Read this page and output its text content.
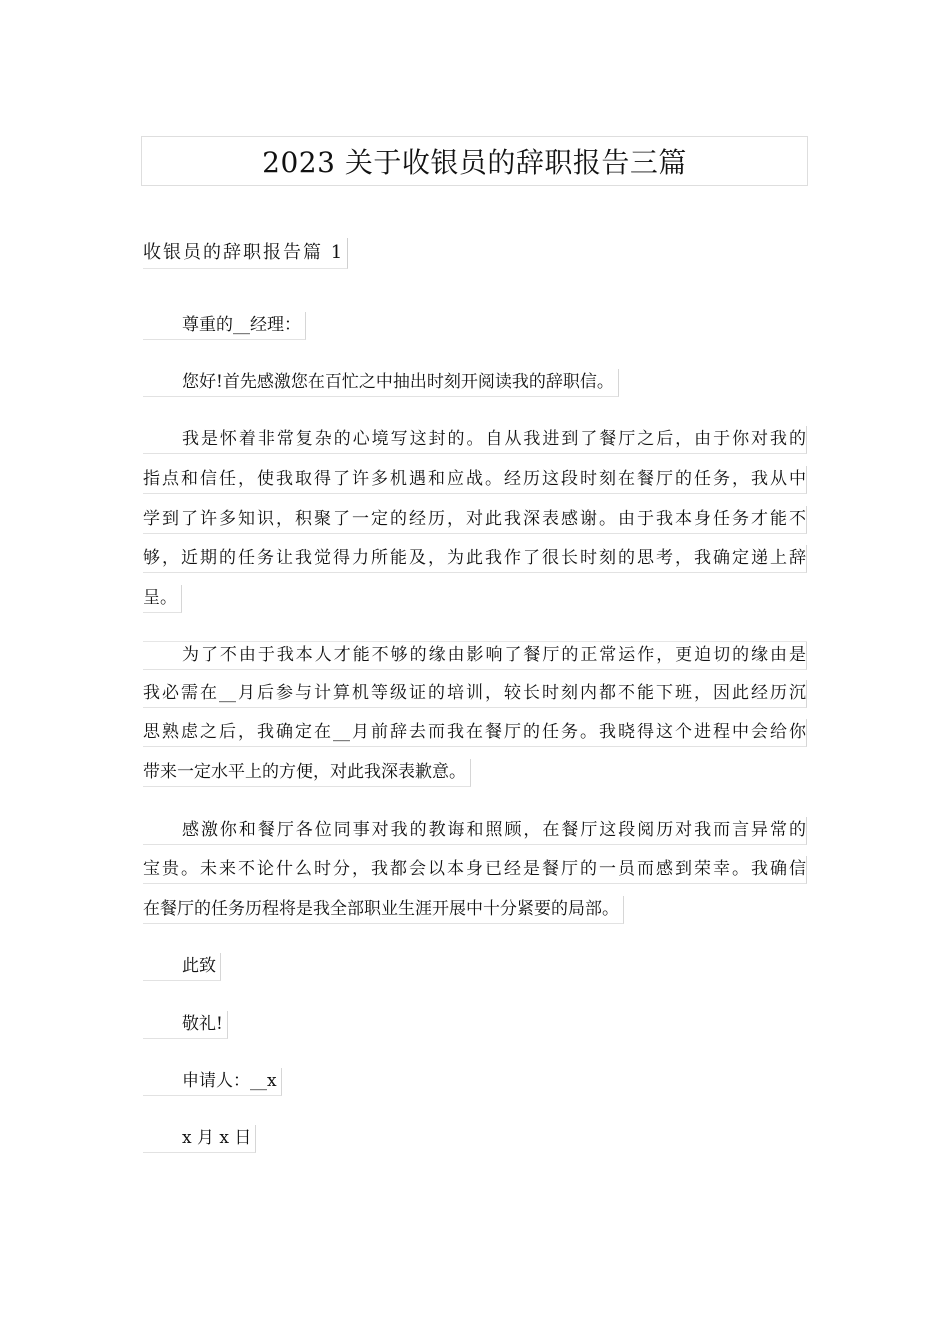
2023 关于收银员的辞职报告三篇
收银员的辞职报告篇 1
尊重的__经理：
您好!首先感激您在百忙之中抽出时刻开阅读我的辞职信。
我是怀着非常复杂的心境写这封的。自从我进到了餐厅之后，由于你对我的
指点和信任，使我取得了许多机遇和应战。经历这段时刻在餐厅的任务，我从中
学到了许多知识，积聚了一定的经历，对此我深表感谢。由于我本身任务才能不
够，近期的任务让我觉得力所能及，为此我作了很长时刻的思考，我确定递上辞
呈。
为了不由于我本人才能不够的缘由影响了餐厅的正常运作，更迫切的缘由是
我必需在__月后参与计算机等级证的培训，较长时刻内都不能下班，因此经历沉
思熟虑之后，我确定在__月前辞去而我在餐厅的任务。我晓得这个进程中会给你
带来一定水平上的方便，对此我深表歉意。
感激你和餐厅各位同事对我的教诲和照顾，在餐厅这段阅历对我而言异常的
宝贵。未来不论什么时分，我都会以本身已经是餐厅的一员而感到荣幸。我确信
在餐厅的任务历程将是我全部职业生涯开展中十分紧要的局部。
此致
敬礼!
申请人：__x
x 月 x 日
